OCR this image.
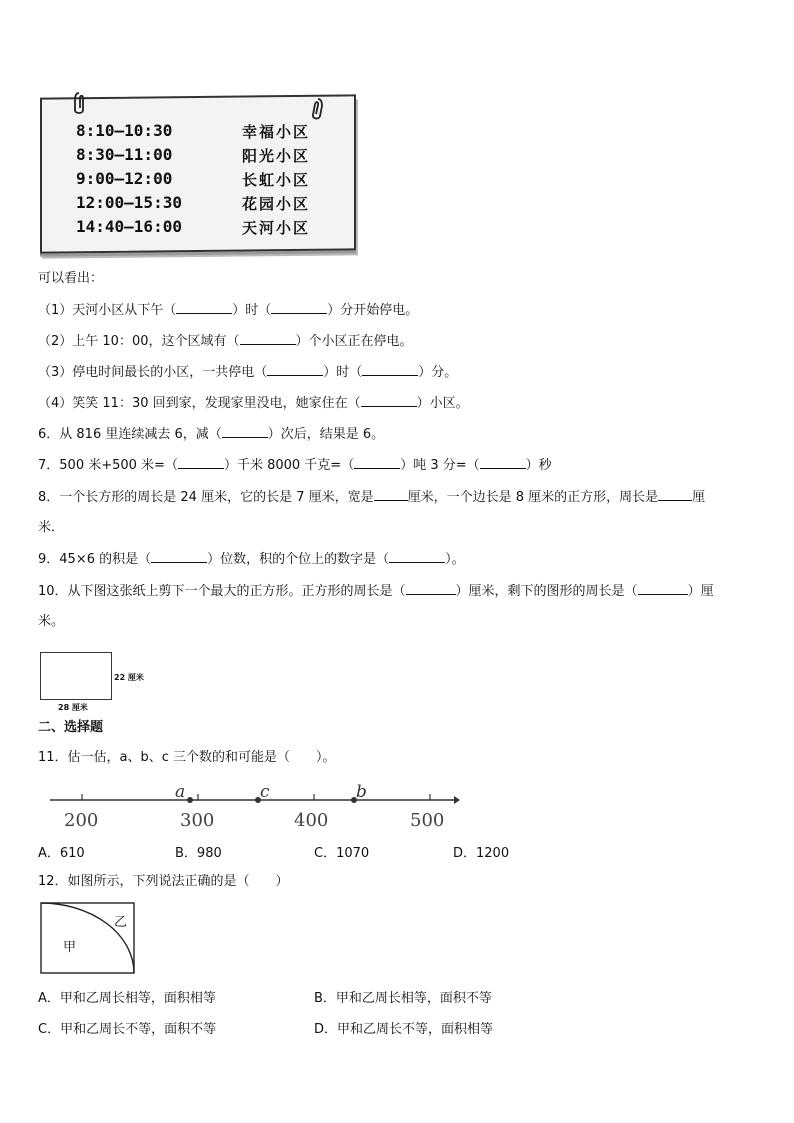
8:10—10:30	幸福小区
8:30—11:00	阳光小区
9:00—12:00	长虹小区
12:00—15:30	花园小区
14:40—16:00	天河小区
可以看出：
（1）天河小区从下午（	）时（	）分开始停电。
（2）上午 10：00，这个区域有（	）个小区正在停电。
（3）停电时间最长的小区，一共停电（	）时（	）分。
（4）笑笑 11：30 回到家，发现家里没电，她家住在（	）小区。
6．从 816 里连续减去 6，减（	）次后，结果是 6。
7．500 米+500 米=（	）千米 8000 千克=（	）吨 3 分=（	）秒
8．一个长方形的周长是 24 厘米，它的长是 7 厘米，宽是	厘米，一个边长是 8 厘米的正方形，周长是	厘
米．
9．45×6 的积是（	）位数，积的个位上的数字是（	）。
10．从下图这张纸上剪下一个最大的正方形。正方形的周长是（	）厘米，剩下的图形的周长是（	）厘
米。
22 厘米
28 厘米
二、选择题
11．估一估，a、b、c 三个数的和可能是（　　）。
a	c	b
200	300	400	500
A．610	B．980	C．1070	D．1200
12．如图所示，下列说法正确的是（　　）
甲
乙
A．甲和乙周长相等，面积相等	B．甲和乙周长相等，面积不等
C．甲和乙周长不等，面积不等	D．甲和乙周长不等，面积相等
